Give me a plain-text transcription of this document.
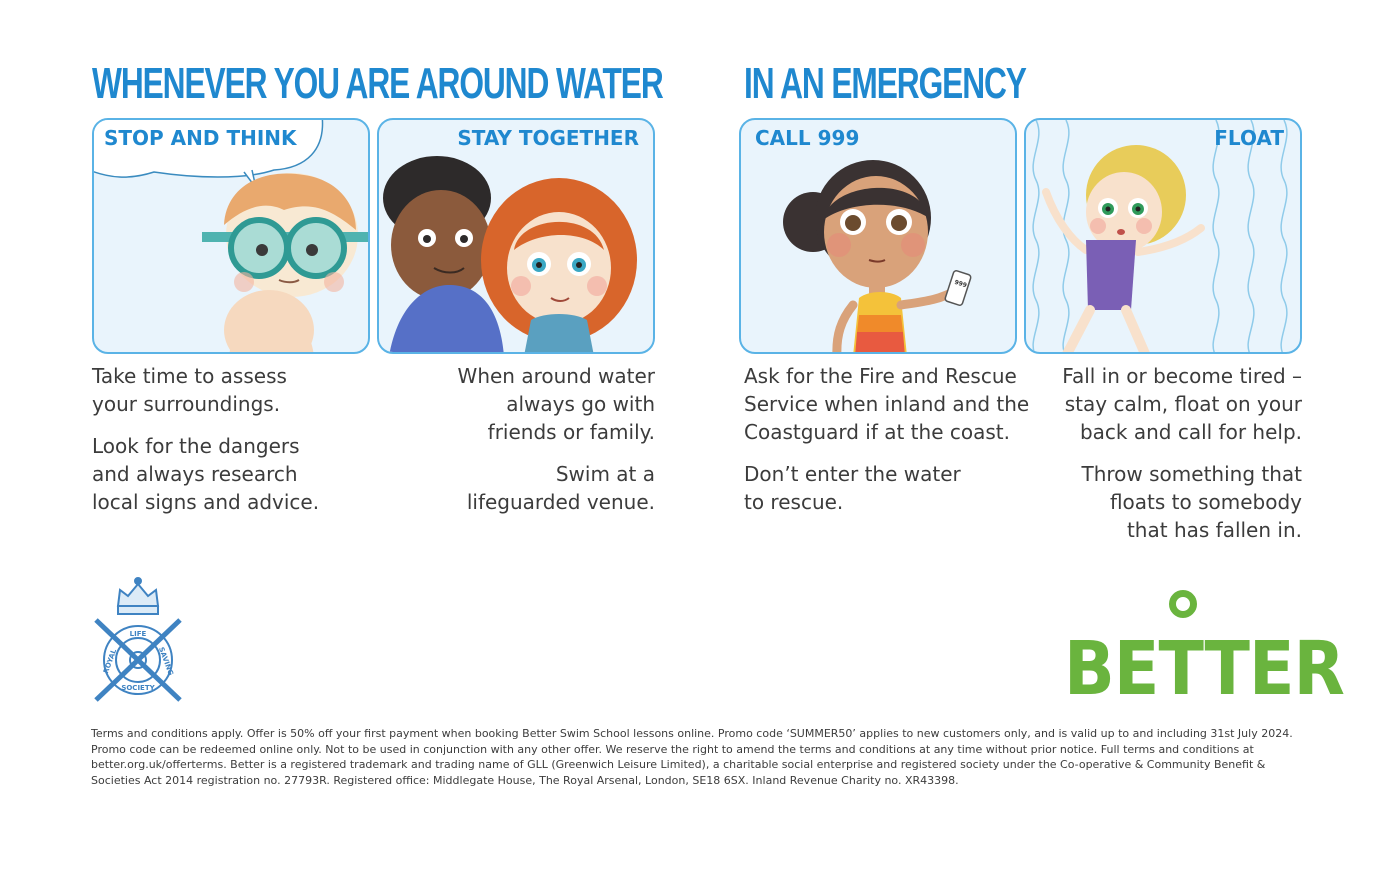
WHENEVER YOU ARE AROUND WATER IN AN EMERGENCY
STOP AND THINK	STAY TOGETHER
999
CALL 999	FLOAT

Take time to assess
your surroundings.

Look for the dangers
and always research
local signs and advice.

When around water
always go with
friends or family.

Swim at a
lifeguarded venue.

Ask for the Fire and Rescue
Service when inland and the
Coastguard if at the coast.

Don’t enter the water
to rescue.

Fall in or become tired –
stay calm, float on your
back and call for help.

Throw something that
floats to somebody
that has fallen in.

ROYAL
LIFE
SAVING
SOCIETY	BETTER
Terms and conditions apply. Offer is 50% off your first payment when booking Better Swim School lessons online. Promo code ‘SUMMER50’ applies to new customers only, and is valid up to and including 31st July 2024. Promo code can be redeemed online only. Not to be used in conjunction with any other offer. We reserve the right to amend the terms and conditions at any time without prior notice. Full terms and conditions at better.org.uk/offerterms. Better is a registered trademark and trading name of GLL (Greenwich Leisure Limited), a charitable social enterprise and registered society under the Co-operative & Community Benefit & Societies Act 2014 registration no. 27793R. Registered office: Middlegate House, The Royal Arsenal, London, SE18 6SX. Inland Revenue Charity no. XR43398.
